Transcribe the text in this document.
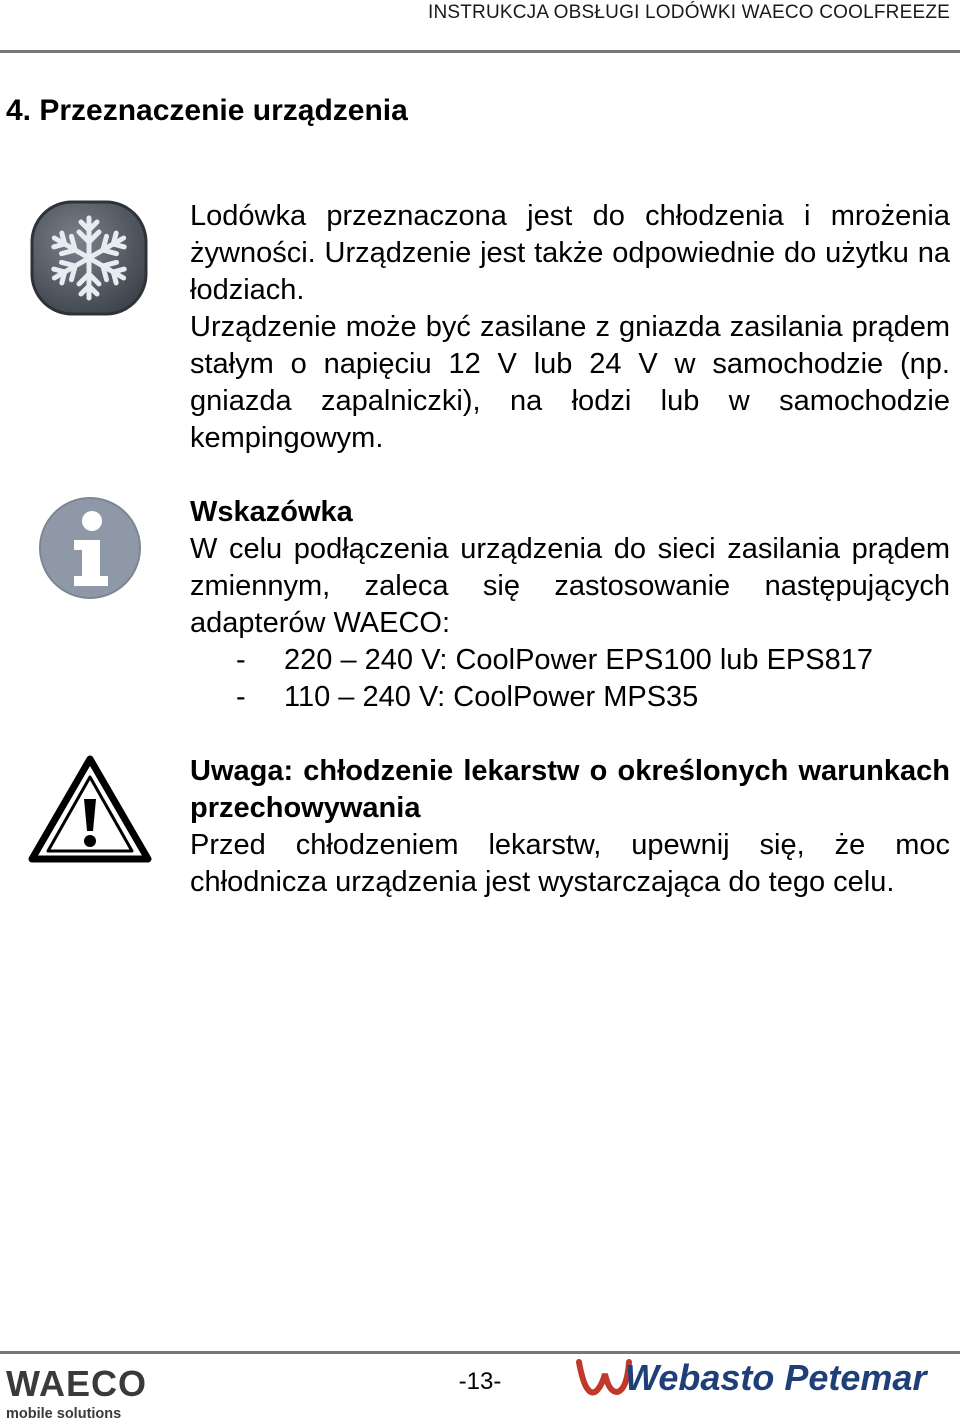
INSTRUKCJA OBSŁUGI LODÓWKI WAECO COOLFREEZE
4. Przeznaczenie urządzenia

Lodówka przeznaczona jest do chłodzenia i mrożenia żywności. Urządzenie jest także odpowiednie do użytku na łodziach.

Urządzenie może być zasilane z gniazda zasilania prądem stałym o napięciu 12 V lub 24 V w samochodzie (np. gniazda zapalniczki), na łodzi lub w samochodzie kempingowym.

Wskazówka

W celu podłączenia urządzenia do sieci zasilania prądem zmiennym, zaleca się zastosowanie następujących adapterów WAECO:

-	220 – 240 V: CoolPower EPS100 lub EPS817
-	110 – 240 V: CoolPower MPS35

Uwaga: chłodzenie lekarstw o określonych warunkach przechowywania

Przed chłodzeniem lekarstw, upewnij się, że moc chłodnicza urządzenia jest wystarczająca do tego celu.

WAECO
mobile solutions
-13-	Webasto Petemar
